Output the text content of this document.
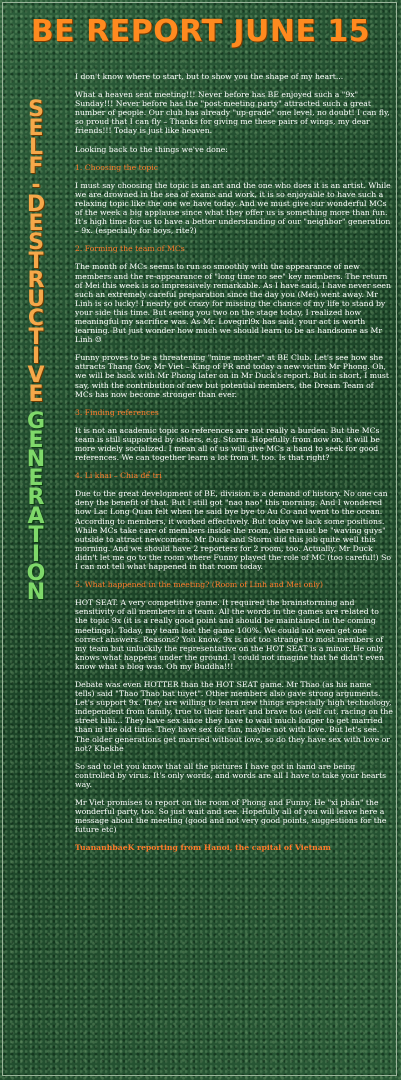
BE REPORT JUNE 15
S
E
L
F
-
D
E
S
T
R
U
C
T
I
V
E
G
E
N
E
R
A
T
I
O
N

I don't know where to start, but to show you the shape of my heart...

What a heaven sent meeting!!! Never before has BE enjoyed such a "9x" Sunday!!! Never before has the "post-meeting party" attracted such a great number of people. Our club has already "up-grade" one level, no doubt! I can fly, so proud that I can fly – Thanks for giving me these pairs of wings, my dear friends!!! Today is just like heaven.

Looking back to the things we've done:

1. Choosing the topic

I must say choosing the topic is an art and the one who does it is an artist. While we are drowned in the sea of exams and work, it is so enjoyable to have such a relaxing topic like the one we have today. And we must give our wonderful MCs of the week a big applause since what they offer us is something more than fun. It's high time for us to have a better understanding of our "neighbor" generation – 9x. (especially for boys, rite?)

2. Forming the team of MCs

The month of MCs seems to run so smoothly with the appearance of new members and the re-appearance of "long time no see" key members. The return of Mei this week is so impressively remarkable. As I have said, I have never seen such an extremely careful preparation since the day you (Mei) went away. Mr Linh is so lucky! I nearly got crazy for missing the chance of my life to stand by your side this time. But seeing you two on the stage today, I realized how meaningful my sacrifice was. As Mr. Lovegirl9x has said, your act is worth learning. But just wonder how much we should learn to be as handsome as Mr Linh ☺

Funny proves to be a threatening "mine mother" at BE Club. Let's see how she attracts Thang Gov, Mr Viet – King of PR and today a new victim Mr Phong. Oh, we will be back with Mr Phong later on in Mr Duck's report. But in short, I must say, with the contribution of new but potential members, the Dream Team of MCs has now become stronger than ever.

3. Finding references

It is not an academic topic so references are not really a burden. But the MCs team is still supported by others, e.g. Storm. Hopefully from now on, it will be more widely socialized. I mean all of us will give MCs a hand to seek for good references. We can together learn a lot from it, too. Is that right?

4. Li khai – Chia để trị

Due to the great development of BE, division is a demand of history. No one can deny the benefit of that. But I still got "nao nao" this morning. And I wondered how Lac Long Quan felt when he said bye bye to Au Co and went to the ocean. According to members, it worked effectively. But today we lack some positions. While MCs take care of members inside the room, there must be "waving guys" outside to attract newcomers. Mr Duck and Storm did this job quite well this morning. And we should have 2 reporters for 2 room, too. Actually, Mr Duck didn't let me go to the room where Funny played the role of MC (too careful!) So I can not tell what happened in that room today.

5. What happened in the meeting? (Room of Linh and Mei only)

HOT SEAT. A very competitive game. It required the brainstorming and sensitivity of all members in a team. All the words in the games are related to the topic 9x (it is a really good point and should be maintained in the coming meetings). Today, my team lost the game 100%. We could not even get one correct answers. Reasons? You know, 9x is not too strange to most members of my team but unluckily the representative on the HOT SEAT is a minor. He only knows what happens under the ground. I could not imagine that he didn't even know what a blog was. Oh my Buddha!!!

Debate was even HOTTER than the HOT SEAT game. Mr Thao (as his name tells) said "Thao Thao bat tuyet". Other members also gave strong arguments. Let's support 9x. They are willing to learn new things especially high technology, independent from family, true to their heart and brave too (self cut, racing on the street hihi... They have sex since they have to wait much longer to get married than in the old time. They have sex for fun, maybe not with love. But let's see. The older generations get married without love, so do they have sex with love or not? Khekhe

So sad to let you know that all the pictures I have got in hand are being controlled by virus. It's only words, and words are all I have to take your hearts way.

Mr Viet promises to report on the room of Phong and Funny. He "xì phần" the wonderful party, too. So just wait and see. Hopefully all of you will leave here a message about the meeting (good and not very good points, suggestions for the future etc)

TuananhbaeK reporting from Hanoi, the capital of Vietnam
